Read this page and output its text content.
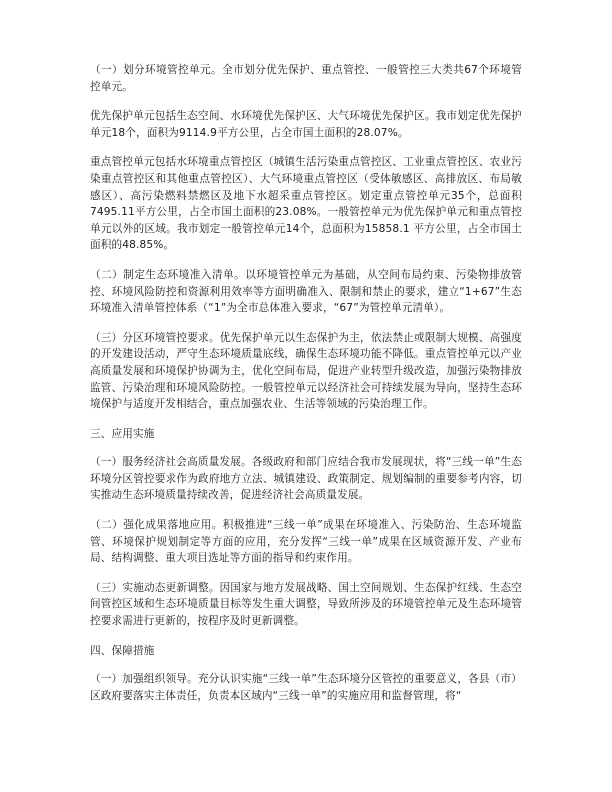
（一）划分环境管控单元。全市划分优先保护、重点管控、一般管控三大类共67个环境管控单元。

优先保护单元包括生态空间、水环境优先保护区、大气环境优先保护区。我市划定优先保护单元18个，面积为9114.9平方公里，占全市国土面积的28.07%。

重点管控单元包括水环境重点管控区（城镇生活污染重点管控区、工业重点管控区、农业污染重点管控区和其他重点管控区）、大气环境重点管控区（受体敏感区、高排放区、布局敏感区）、高污染燃料禁燃区及地下水超采重点管控区。划定重点管控单元35个，总面积7495.11平方公里，占全市国土面积的23.08%。一般管控单元为优先保护单元和重点管控单元以外的区域。我市划定一般管控单元14个，总面积为15858.1 平方公里，占全市国土面积的48.85%。

（二）制定生态环境准入清单。以环境管控单元为基础，从空间布局约束、污染物排放管控、环境风险防控和资源利用效率等方面明确准入、限制和禁止的要求，建立“1+67”生态环境准入清单管控体系（“1”为全市总体准入要求，“67”为管控单元清单）。

（三）分区环境管控要求。优先保护单元以生态保护为主，依法禁止或限制大规模、高强度的开发建设活动，严守生态环境质量底线，确保生态环境功能不降低。重点管控单元以产业高质量发展和环境保护协调为主，优化空间布局，促进产业转型升级改造，加强污染物排放监管、污染治理和环境风险防控。一般管控单元以经济社会可持续发展为导向，坚持生态环境保护与适度开发相结合，重点加强农业、生活等领域的污染治理工作。

三、应用实施

（一）服务经济社会高质量发展。各级政府和部门应结合我市发展现状，将“三线一单”生态环境分区管控要求作为政府地方立法、城镇建设、政策制定、规划编制的重要参考内容，切实推动生态环境质量持续改善，促进经济社会高质量发展。

（二）强化成果落地应用。积极推进“三线一单”成果在环境准入、污染防治、生态环境监管、环境保护规划制定等方面的应用，充分发挥“三线一单”成果在区域资源开发、产业布局、结构调整、重大项目选址等方面的指导和约束作用。

（三）实施动态更新调整。因国家与地方发展战略、国土空间规划、生态保护红线、生态空间管控区域和生态环境质量目标等发生重大调整，导致所涉及的环境管控单元及生态环境管控要求需进行更新的，按程序及时更新调整。

四、保障措施

（一）加强组织领导。充分认识实施“三线一单”生态环境分区管控的重要意义，各县（市）区政府要落实主体责任，负责本区域内“三线一单”的实施应用和监督管理，将“
